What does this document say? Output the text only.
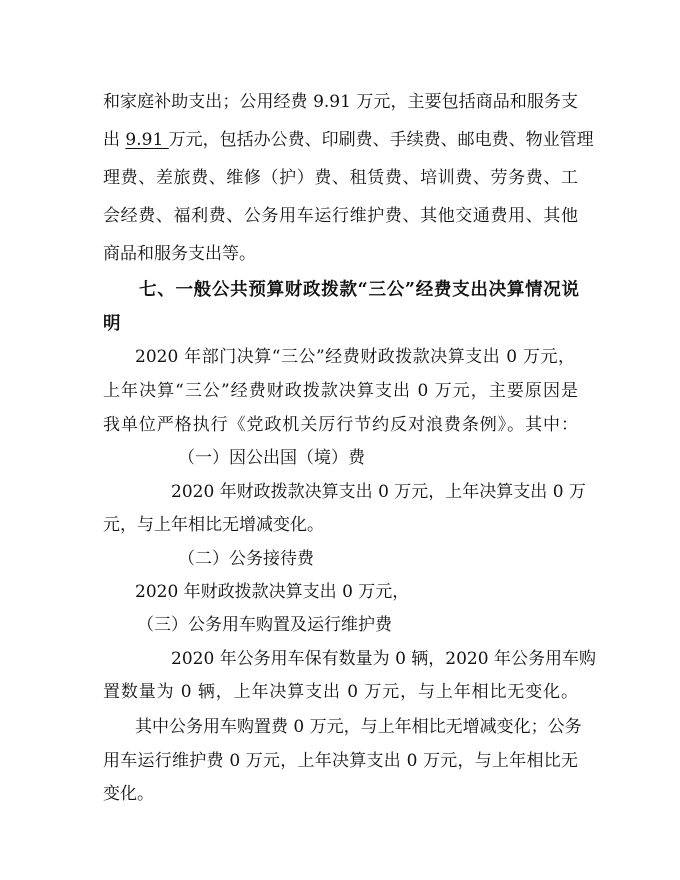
和家庭补助支出；公用经费 9.91 万元，主要包括商品和服务支
出 9.91 万元，包括办公费、印刷费、手续费、邮电费、物业管理
理费、差旅费、维修（护）费、租赁费、培训费、劳务费、工
会经费、福利费、公务用车运行维护费、其他交通费用、其他
商品和服务支出等。
七、一般公共预算财政拨款“三公”经费支出决算情况说
明
2020 年部门决算“三公”经费财政拨款决算支出 0 万元，
上年决算“三公”经费财政拨款决算支出 0 万元，主要原因是
我单位严格执行《党政机关厉行节约反对浪费条例》。其中：
（一）因公出国（境）费
2020 年财政拨款决算支出 0 万元，上年决算支出 0 万
元，与上年相比无增减变化。
（二）公务接待费
2020 年财政拨款决算支出 0 万元，
（三）公务用车购置及运行维护费
2020 年公务用车保有数量为 0 辆，2020 年公务用车购
置数量为 0 辆，上年决算支出 0 万元，与上年相比无变化。
其中公务用车购置费 0 万元，与上年相比无增减变化；公务
用车运行维护费 0 万元，上年决算支出 0 万元，与上年相比无
变化。
